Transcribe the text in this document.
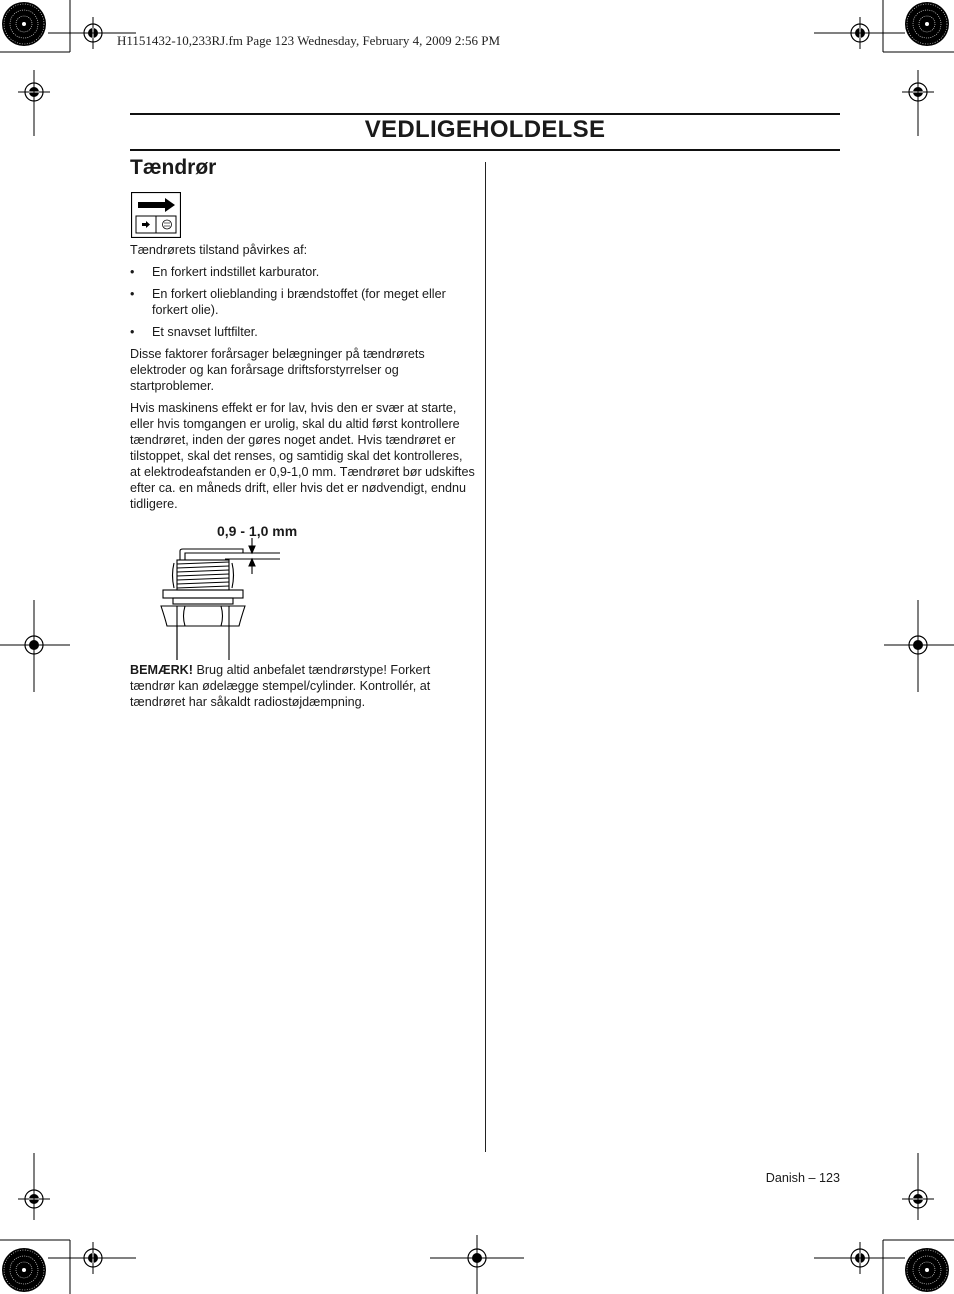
H1151432-10,233RJ.fm Page 123 Wednesday, February 4, 2009 2:56 PM
VEDLIGEHOLDELSE
Tændrør
Tændrørets tilstand påvirkes af:
• En forkert indstillet karburator.
• En forkert olieblanding i brændstoffet (for meget eller forkert olie).
• Et snavset luftfilter.
Disse faktorer forårsager belægninger på tændrørets elektroder og kan forårsage driftsforstyrrelser og startproblemer.
Hvis maskinens effekt er for lav, hvis den er svær at starte, eller hvis tomgangen er urolig, skal du altid først kontrollere tændrøret, inden der gøres noget andet. Hvis tændrøret er tilstoppet, skal det renses, og samtidig skal det kontrolleres, at elektrodeafstanden er 0,9-1,0 mm. Tændrøret bør udskiftes efter ca. en måneds drift, eller hvis det er nødvendigt, endnu tidligere.
0,9 - 1,0 mm
BEMÆRK! Brug altid anbefalet tændrørstype! Forkert tændrør kan ødelægge stempel/cylinder. Kontrollér, at tændrøret har såkaldt radiostøjdæmpning.
Danish – 123
